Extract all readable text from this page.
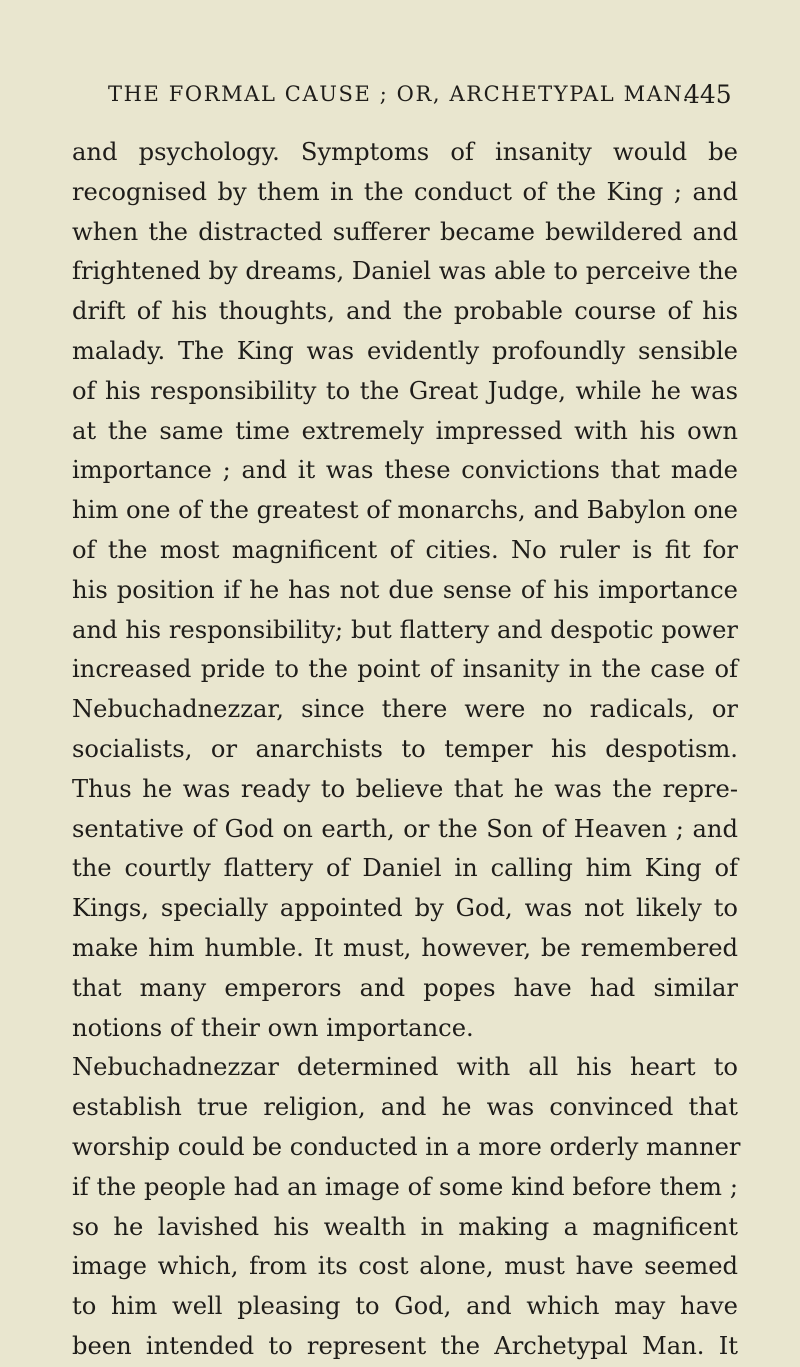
THE FORMAL CAUSE ; OR, ARCHETYPAL MAN.
445
and psychology. Symptoms of insanity would be
recognised by them in the conduct of the King ; and
when the distracted sufferer became bewildered and
frightened by dreams, Daniel was able to perceive the
drift of his thoughts, and the probable course of his
malady. The King was evidently profoundly sensible
of his responsibility to the Great Judge, while he was
at the same time extremely impressed with his own
importance ; and it was these convictions that made
him one of the greatest of monarchs, and Babylon one
of the most magnificent of cities. No ruler is fit for
his position if he has not due sense of his importance
and his responsibility; but flattery and despotic power
increased pride to the point of insanity in the case of
Nebuchadnezzar, since there were no radicals, or
socialists, or anarchists to temper his despotism.
Thus he was ready to believe that he was the repre-
sentative of God on earth, or the Son of Heaven ; and
the courtly flattery of Daniel in calling him King of
Kings, specially appointed by God, was not likely to
make him humble. It must, however, be remembered
that many emperors and popes have had similar
notions of their own importance.
Nebuchadnezzar determined with all his heart to
establish true religion, and he was convinced that
worship could be conducted in a more orderly manner
if the people had an image of some kind before them ;
so he lavished his wealth in making a magnificent
image which, from its cost alone, must have seemed
to him well pleasing to God, and which may have
been intended to represent the Archetypal Man. It
